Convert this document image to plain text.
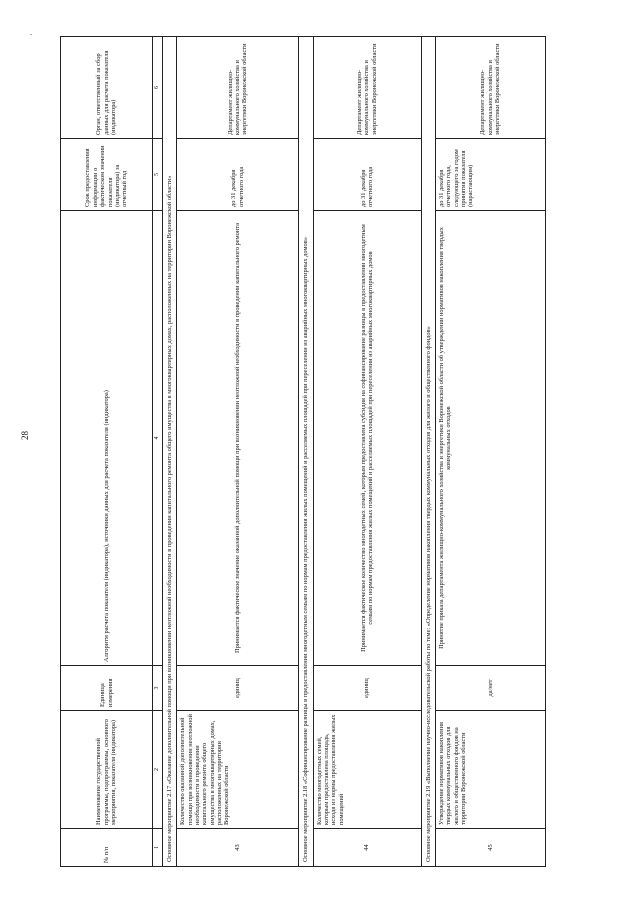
.
28
№ п/п	Наименование государственной программы, подпрограммы, основного мероприятия, показателя (индикатора)	Единица измерения	Алгоритм расчета показателя (индикатора), источники данных для расчета показателя (индикатора)	Срок предоставления информации о фактическом значении показателя (индикатора) за отчетный год	Орган, ответственный за сбор данных для расчета показателя (индикатора)
1	2	3	4	5	6
Основное мероприятие 2.17 «Оказание дополнительной помощи при возникновении неотложной необходимости в проведении капитального ремонта общего имущества в многоквартирных домах, расположенных на территории Воронежской области»					
43	Количество оказанной дополнительной помощи при возникновении неотложной необходимости в проведении капитального ремонта общего имущества в многоквартирных домах, расположенных на территории Воронежской области	единиц	Принимается фактическое значение оказанной дополнительной помощи при возникновении неотложной необходимости в проведении капитального ремонта	до 31 декабря отчетного года	Департамент жилищно-коммунального хозяйства и энергетики Воронежской области
Основное мероприятие 2.18 «Софинансирование разницы в предоставлении многодетным семьям по нормам предоставления жилых помещений и расселяемых площадей при переселении из аварийных многоквартирных домов»					
44	Количество многодетных семей, которым предоставлена площадь, исходя из нормы предоставления жилых помещений	единиц	Принимается фактическое количество многодетных семей, которым предоставлена субсидия на софинансирование разницы в предоставлении многодетным семьям по нормам предоставления жилых помещений и расселяемых площадей при переселении из аварийных многоквартирных домов	до 31 декабря отчетного года	Департамент жилищно-коммунального хозяйства и энергетики Воронежской области
Основное мероприятие 2.19 «Выполнение научно-исследовательской работы по теме: «Определение нормативов накопления твердых коммунальных отходов для жилого и общественного фондов»					
45	Утверждение нормативов накопления твердых коммунальных отходов для жилого и общественного фондов на территории Воронежской области	да/нет	Принятие приказа департамента жилищно-коммунального хозяйства и энергетики Воронежской области об утверждении нормативов накопления твердых коммунальных отходов	до 31 декабря отчетного года, следующего за годом принятия показателя (нарастающим)	Департамент жилищно-коммунального хозяйства и энергетики Воронежской области
